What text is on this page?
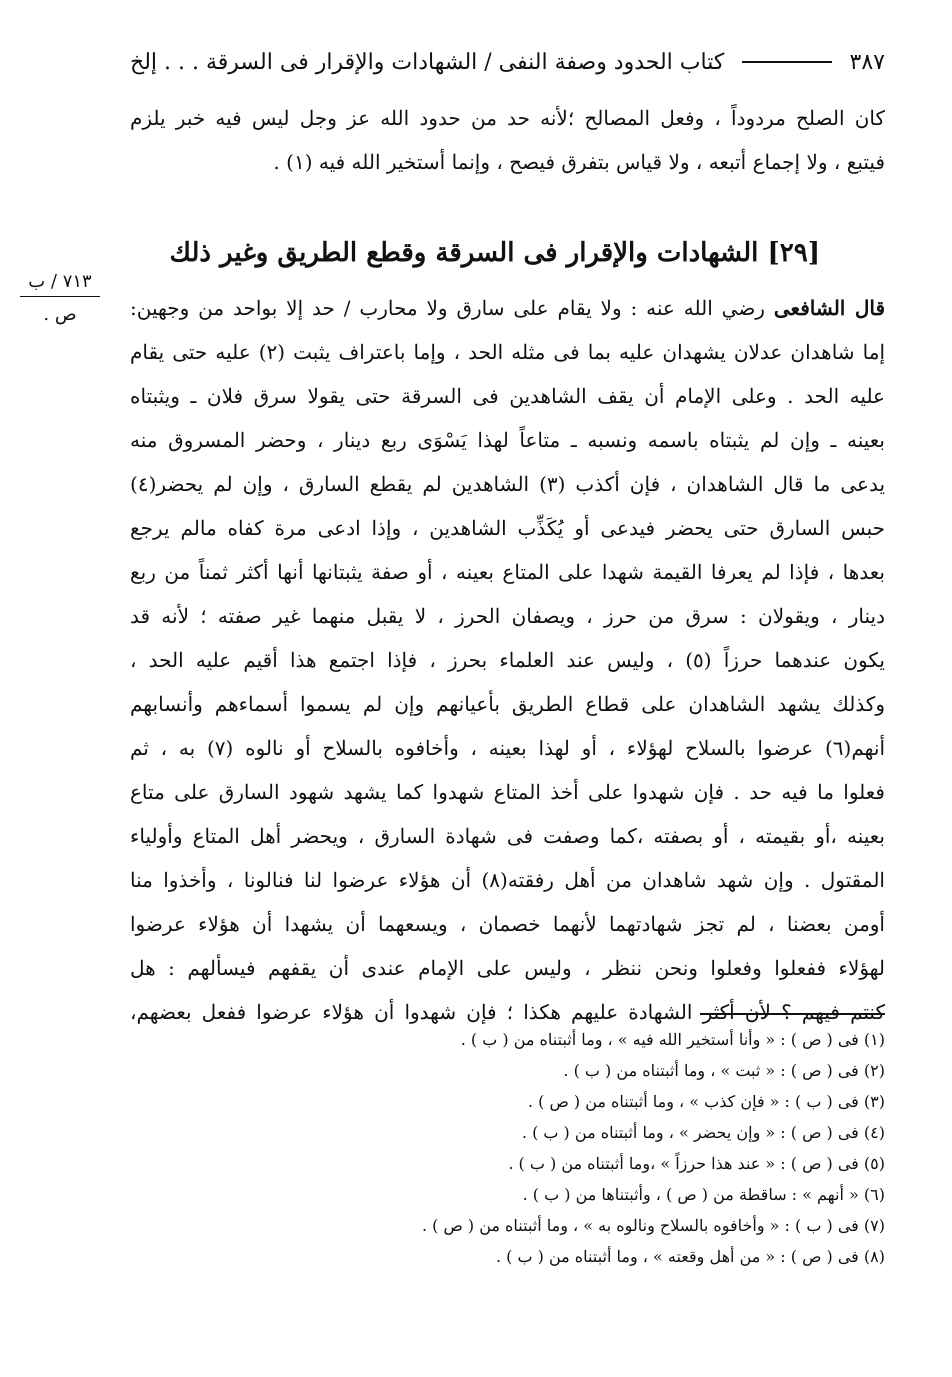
كتاب الحدود وصفة النفى / الشهادات والإقرار فى السرقة . . . إلخ	٣٨٧
كان الصلح مردوداً ، وفعل المصالح ؛لأنه حد من حدود الله عز وجل ليس فيه خبر يلزم
فيتبع ، ولا إجماع أتبعه ، ولا قياس بتفرق فيصح ، وإنما أستخير الله فيه (١) .
[٢٩] الشهادات والإقرار فى السرقة وقطع الطريق وغير ذلك
٧١٣ / ب
ص .	قال الشافعى رضي الله عنه : ولا يقام على سارق ولا محارب / حد إلا بواحد من وجهين:
إما شاهدان عدلان يشهدان عليه بما فى مثله الحد ، وإما باعتراف يثبت (٢) عليه حتى يقام
عليه الحد . وعلى الإمام أن يقف الشاهدين فى السرقة حتى يقولا سرق فلان ـ ويثبتاه
بعينه ـ وإن لم يثبتاه باسمه ونسبه ـ متاعاً لهذا يَسْوَى ربع دينار ، وحضر المسروق منه
يدعى ما قال الشاهدان ، فإن أكذب (٣) الشاهدين لم يقطع السارق ، وإن لم يحضر(٤)
حبس السارق حتى يحضر فيدعى أو يُكَذِّب الشاهدين ، وإذا ادعى مرة كفاه مالم يرجع
بعدها ، فإذا لم يعرفا القيمة شهدا على المتاع بعينه ، أو صفة يثبتانها أنها أكثر ثمناً من ربع
دينار ، ويقولان : سرق من حرز ، ويصفان الحرز ، لا يقبل منهما غير صفته ؛ لأنه قد
يكون عندهما حرزاً (٥) ، وليس عند العلماء بحرز ، فإذا اجتمع هذا أقيم عليه الحد ،
وكذلك يشهد الشاهدان على قطاع الطريق بأعيانهم وإن لم يسموا أسماءهم وأنسابهم
أنهم(٦) عرضوا بالسلاح لهؤلاء ، أو لهذا بعينه ، وأخافوه بالسلاح أو نالوه (٧) به ، ثم
فعلوا ما فيه حد . فإن شهدوا على أخذ المتاع شهدوا كما يشهد شهود السارق على متاع
بعينه ،أو بقيمته ، أو بصفته ،كما وصفت فى شهادة السارق ، ويحضر أهل المتاع وأولياء
المقتول . وإن شهد شاهدان من أهل رفقته(٨) أن هؤلاء عرضوا لنا فنالونا ، وأخذوا منا
أومن بعضنا ، لم تجز شهادتهما لأنهما خصمان ، ويسعهما أن يشهدا أن هؤلاء عرضوا
لهؤلاء ففعلوا وفعلوا ونحن ننظر ، وليس على الإمام عندى أن يقفهم فيسألهم : هل
كنتم فيهم ؟ لأن أكثر الشهادة عليهم هكذا ؛ فإن شهدوا أن هؤلاء عرضوا ففعل بعضهم،
(١) فى ( ص ) : « وأنا أستخير الله فيه » ، وما أثبتناه من ( ب ) .
(٢) فى ( ص ) : « ثبت » ، وما أثبتناه من ( ب ) .
(٣) فى ( ب ) : « فإن كذب » ، وما أثبتناه من ( ص ) .
(٤) فى ( ص ) : « وإن يحضر » ، وما أثبتناه من ( ب ) .
(٥) فى ( ص ) : « عند هذا حرزاً » ،وما أثبتناه من ( ب ) .
(٦) « أنهم » : ساقطة من ( ص ) ، وأثبتناها من ( ب ) .
(٧) فى ( ب ) : « وأخافوه بالسلاح ونالوه به » ، وما أثبتناه من ( ص ) .
(٨) فى ( ص ) : « من أهل وقعته » ، وما أثبتناه من ( ب ) .
